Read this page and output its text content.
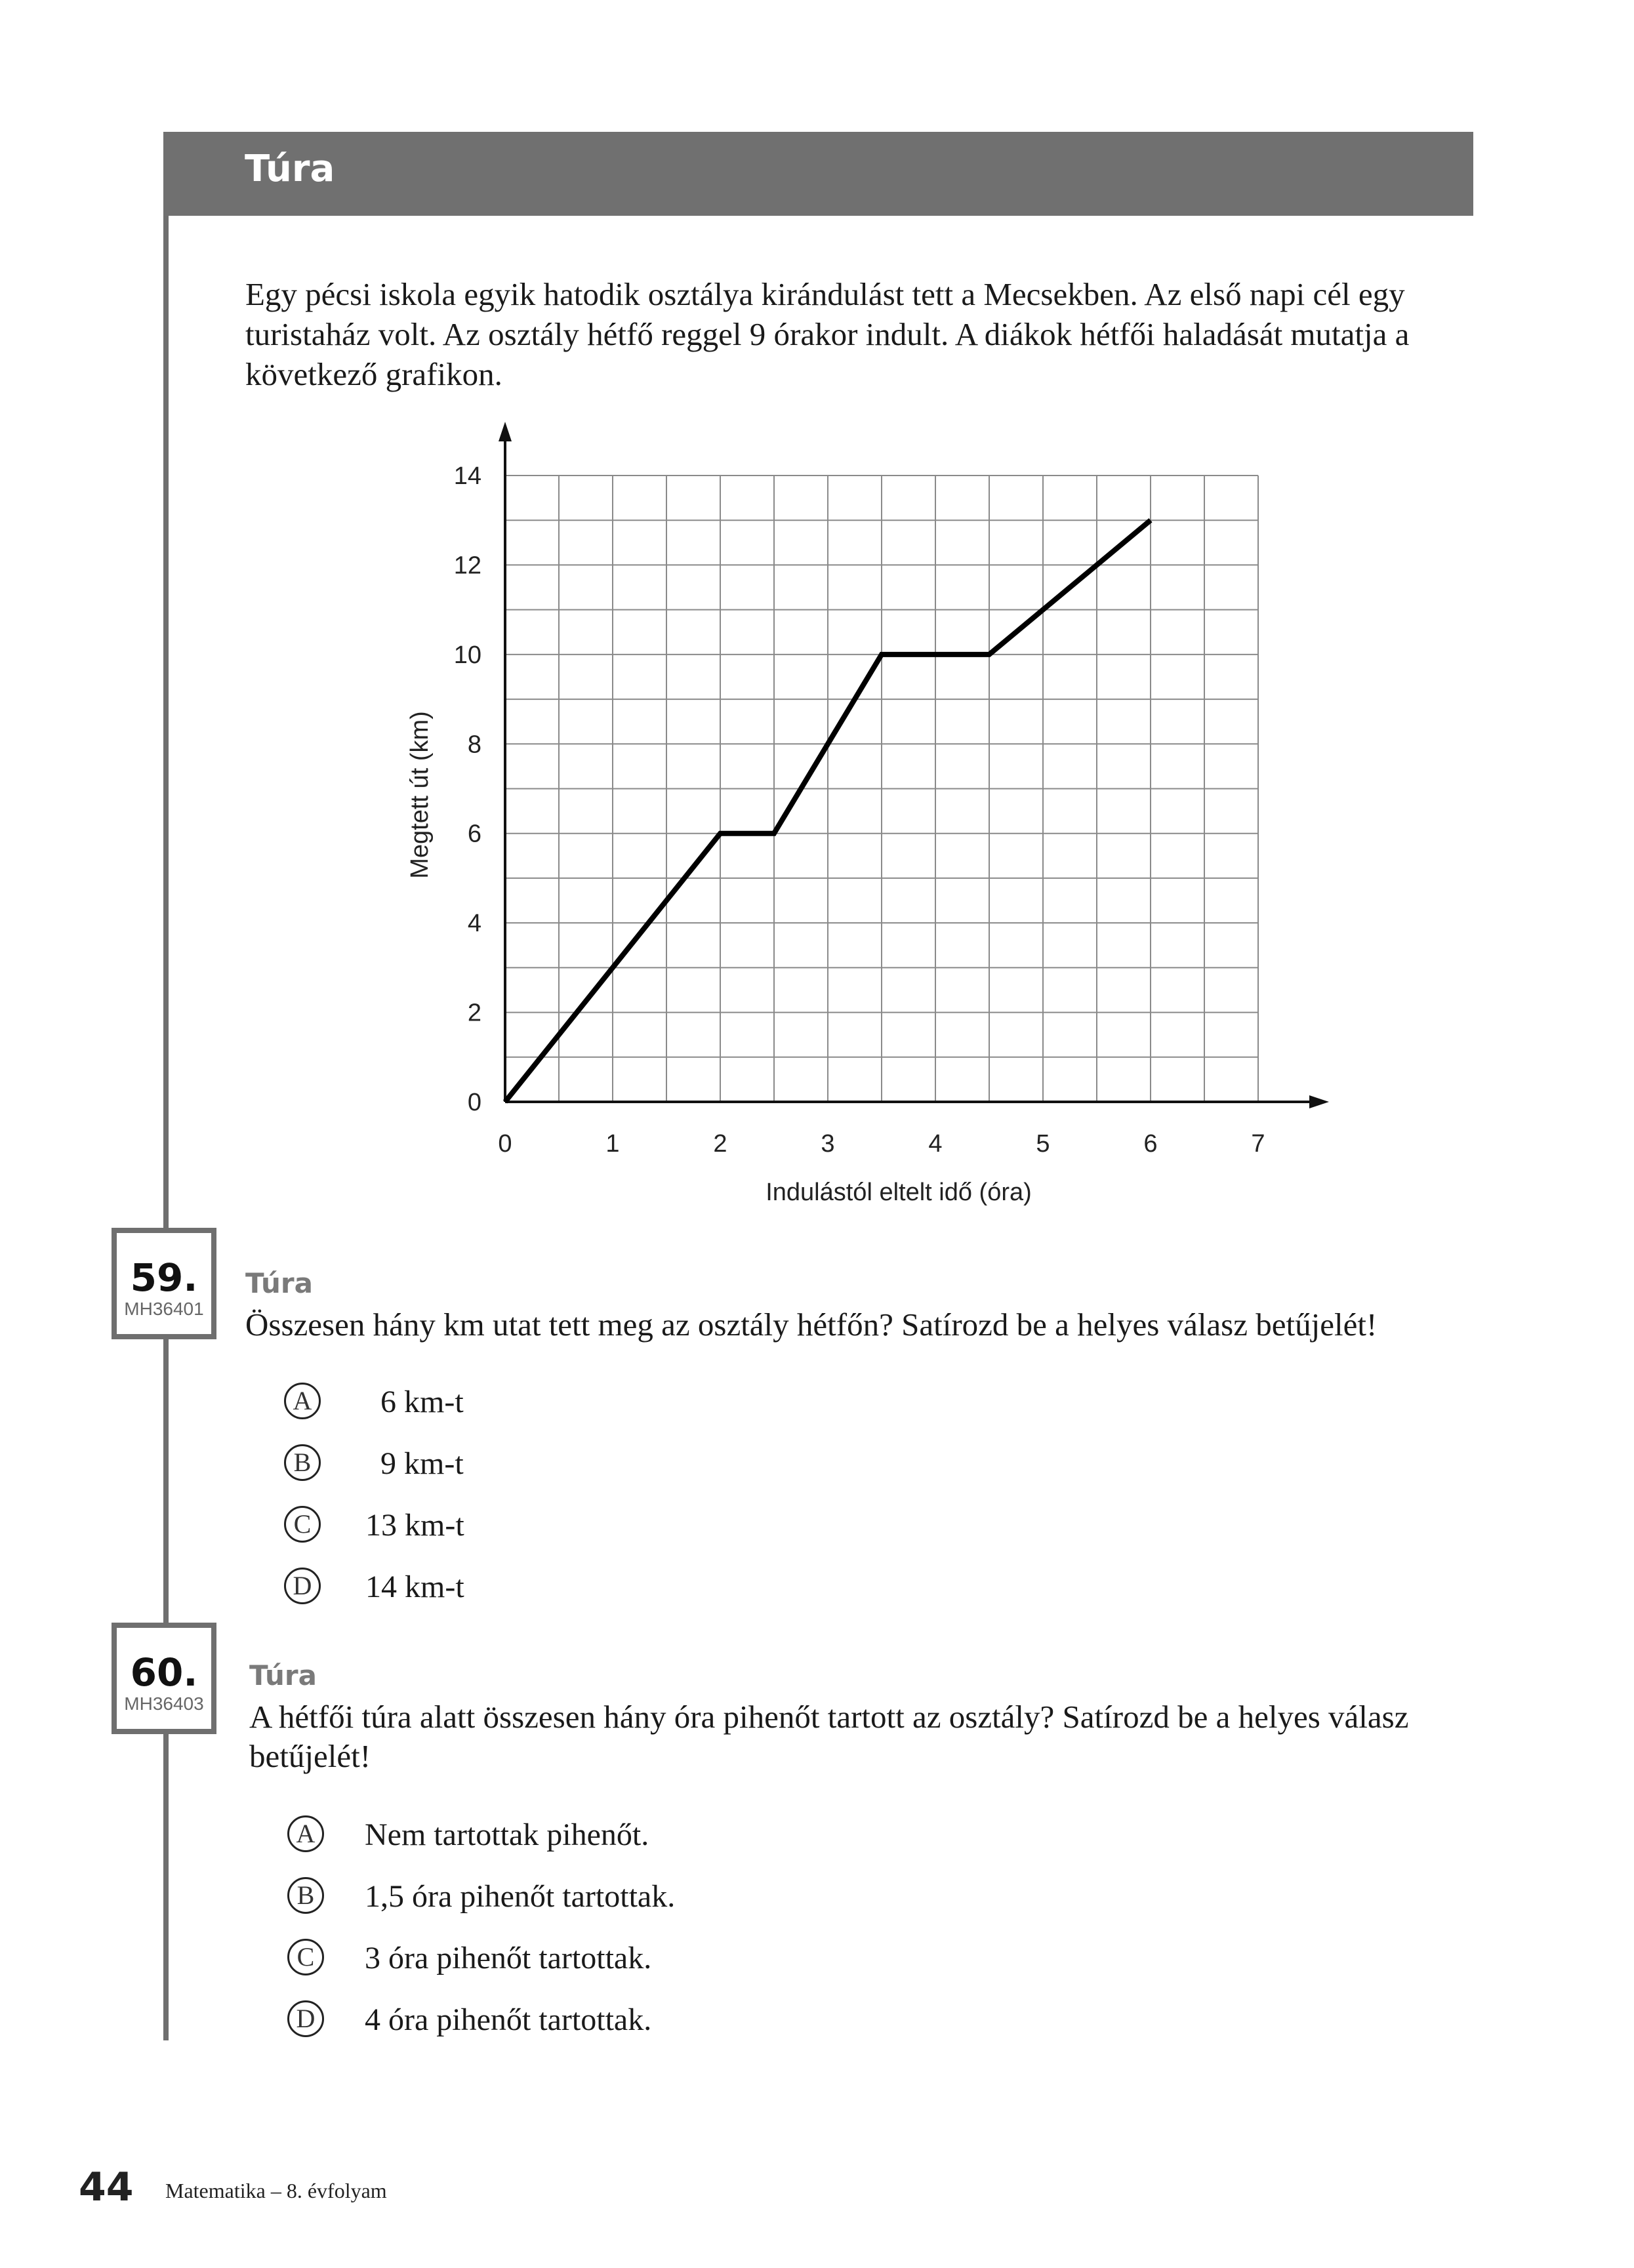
Túra
Egy pécsi iskola egyik hatodik osztálya kirándulást tett a Mecsekben. Az első napi cél egy turistaház volt. Az osztály hétfő reggel 9 órakor indult. A diákok hétfői haladását mutatja a következő grafikon.
0	1	2	3	4	5	6	7
0
2
4
6
8
10
12
14
Indulástól eltelt idő (óra)
Megtett út (km)
59.
MH36401
Túra
Összesen hány km utat tett meg az osztály hétfőn? Satírozd be a helyes válasz betűjelét!
A 6 km-t
B	9 km-t
C	13 km-t
D 14 km-t
60.
MH36403
Túra
A hétfői túra alatt összesen hány óra pihenőt tartott az osztály? Satírozd be a helyes válasz betűjelét!
A Nem tartottak pihenőt.
B	1,5 óra pihenőt tartottak.
C	3 óra pihenőt tartottak.
D 4 óra pihenőt tartottak.
44 Matematika – 8. évfolyam
